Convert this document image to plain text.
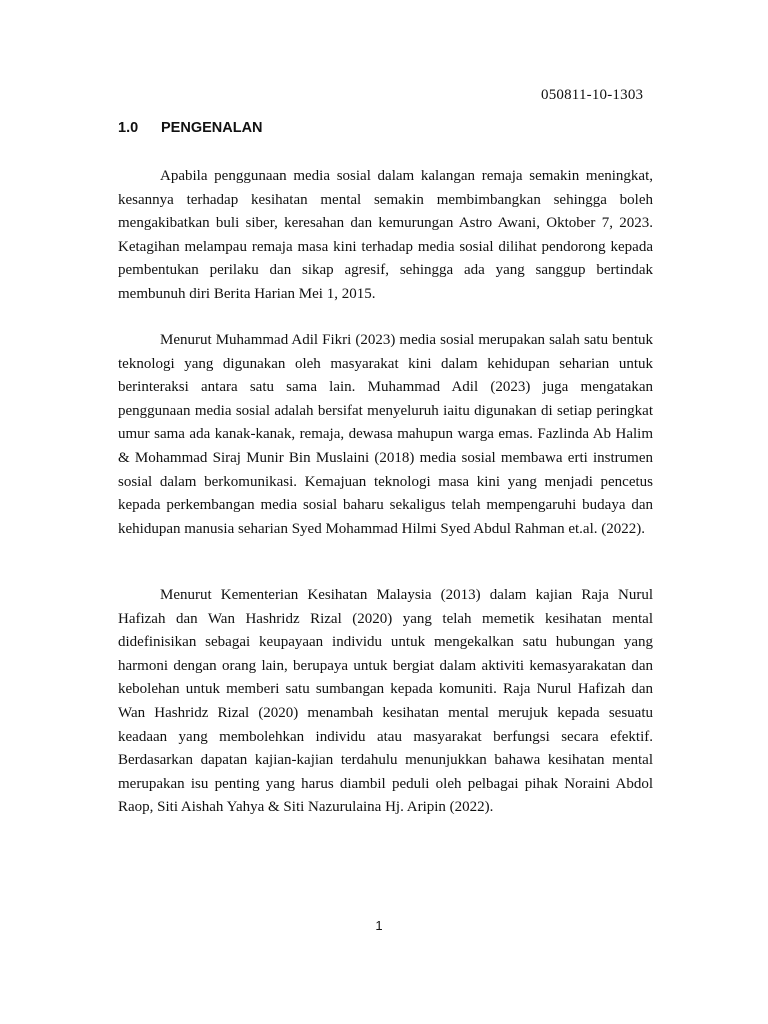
050811-10-1303
1.0 PENGENALAN

Apabila penggunaan media sosial dalam kalangan remaja semakin meningkat, kesannya terhadap kesihatan mental semakin membimbangkan sehingga boleh mengakibatkan buli siber, keresahan dan kemurungan Astro Awani, Oktober 7, 2023. Ketagihan melampau remaja masa kini terhadap media sosial dilihat pendorong kepada pembentukan perilaku dan sikap agresif, sehingga ada yang sanggup bertindak membunuh diri Berita Harian Mei 1, 2015.

Menurut Muhammad Adil Fikri (2023) media sosial merupakan salah satu bentuk teknologi yang digunakan oleh masyarakat kini dalam kehidupan seharian untuk berinteraksi antara satu sama lain. Muhammad Adil (2023) juga mengatakan penggunaan media sosial adalah bersifat menyeluruh iaitu digunakan di setiap peringkat umur sama ada kanak-kanak, remaja, dewasa mahupun warga emas. Fazlinda Ab Halim & Mohammad Siraj Munir Bin Muslaini (2018) media sosial membawa erti instrumen sosial dalam berkomunikasi. Kemajuan teknologi masa kini yang menjadi pencetus kepada perkembangan media sosial baharu sekaligus telah mempengaruhi budaya dan kehidupan manusia seharian Syed Mohammad Hilmi Syed Abdul Rahman et.al. (2022).

Menurut Kementerian Kesihatan Malaysia (2013) dalam kajian Raja Nurul Hafizah dan Wan Hashridz Rizal (2020) yang telah memetik kesihatan mental didefinisikan sebagai keupayaan individu untuk mengekalkan satu hubungan yang harmoni dengan orang lain, berupaya untuk bergiat dalam aktiviti kemasyarakatan dan kebolehan untuk memberi satu sumbangan kepada komuniti. Raja Nurul Hafizah dan Wan Hashridz Rizal (2020) menambah kesihatan mental merujuk kepada sesuatu keadaan yang membolehkan individu atau masyarakat berfungsi secara efektif. Berdasarkan dapatan kajian-kajian terdahulu menunjukkan bahawa kesihatan mental merupakan isu penting yang harus diambil peduli oleh pelbagai pihak Noraini Abdol Raop, Siti Aishah Yahya & Siti Nazurulaina Hj. Aripin (2022).

1
